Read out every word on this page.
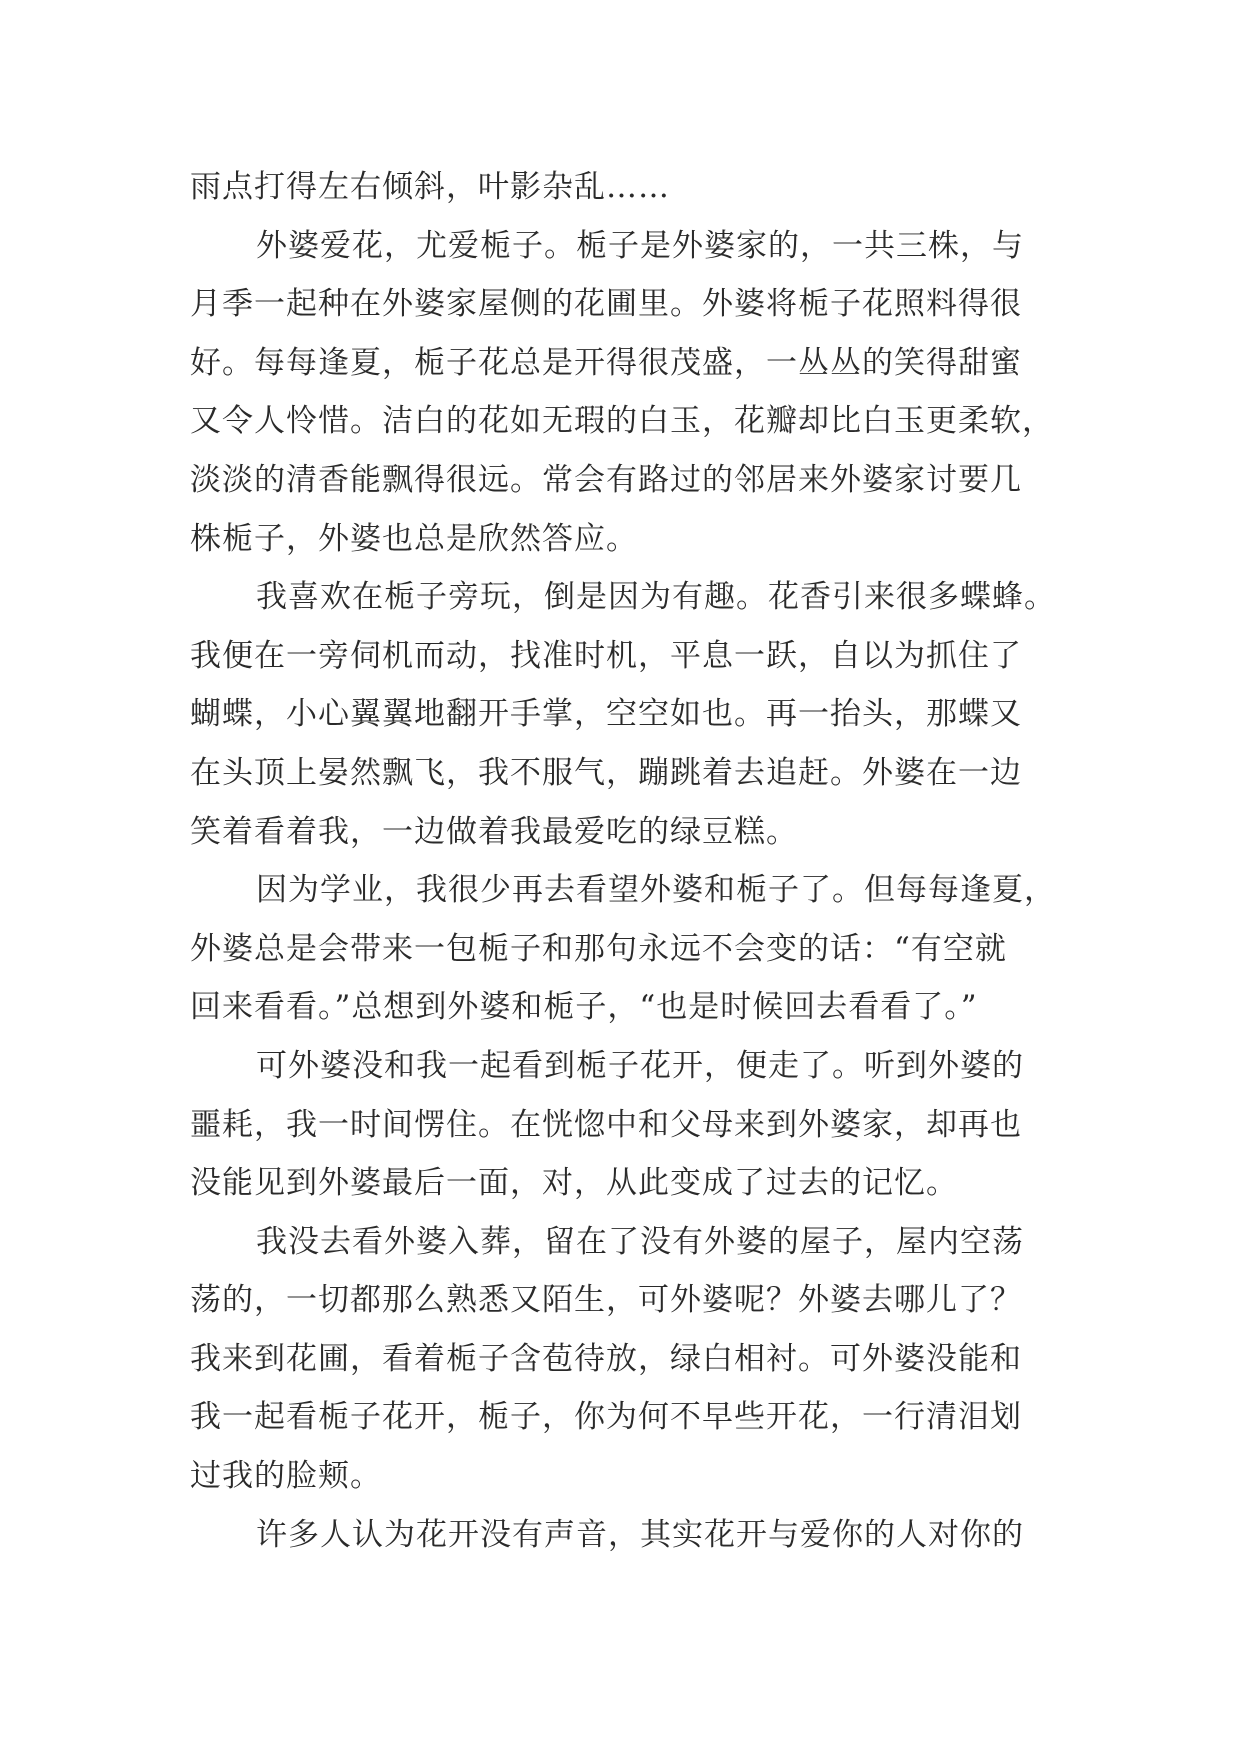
雨点打得左右倾斜，叶影杂乱……
外婆爱花，尤爱栀子。栀子是外婆家的，一共三株，与
月季一起种在外婆家屋侧的花圃里。外婆将栀子花照料得很
好。每每逢夏，栀子花总是开得很茂盛，一丛丛的笑得甜蜜
又令人怜惜。洁白的花如无瑕的白玉，花瓣却比白玉更柔软，
淡淡的清香能飘得很远。常会有路过的邻居来外婆家讨要几
株栀子，外婆也总是欣然答应。
我喜欢在栀子旁玩，倒是因为有趣。花香引来很多蝶蜂。
我便在一旁伺机而动，找准时机，平息一跃，自以为抓住了
蝴蝶，小心翼翼地翻开手掌，空空如也。再一抬头，那蝶又
在头顶上晏然飘飞，我不服气，蹦跳着去追赶。外婆在一边
笑着看着我，一边做着我最爱吃的绿豆糕。
因为学业，我很少再去看望外婆和栀子了。但每每逢夏，
外婆总是会带来一包栀子和那句永远不会变的话：“有空就
回来看看。”总想到外婆和栀子，“也是时候回去看看了。”
可外婆没和我一起看到栀子花开，便走了。听到外婆的
噩耗，我一时间愣住。在恍惚中和父母来到外婆家，却再也
没能见到外婆最后一面，对，从此变成了过去的记忆。
我没去看外婆入葬，留在了没有外婆的屋子，屋内空荡
荡的，一切都那么熟悉又陌生，可外婆呢？外婆去哪儿了？
我来到花圃，看着栀子含苞待放，绿白相衬。可外婆没能和
我一起看栀子花开，栀子，你为何不早些开花，一行清泪划
过我的脸颊。
许多人认为花开没有声音，其实花开与爱你的人对你的
